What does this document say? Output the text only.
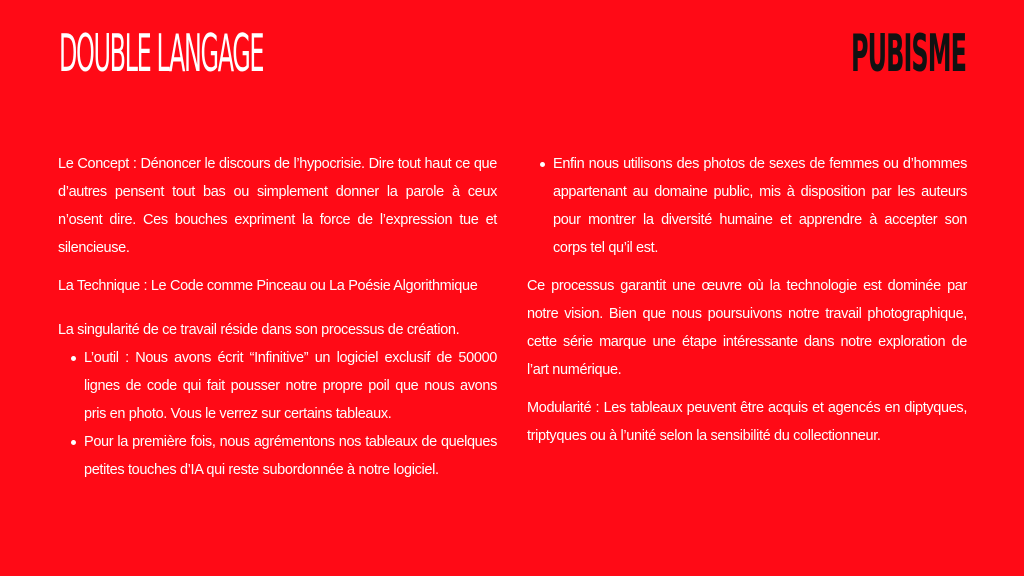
DOUBLE LANGAGE	PUBISME

Le Concept : Dénoncer le discours de l’hypocrisie. Dire tout haut ce que d’autres pensent tout bas ou simplement donner la parole à ceux n’osent dire. Ces bouches expriment la force de l’expression tue et silencieuse.

La Technique : Le Code comme Pinceau ou La Poésie Algorithmique

La singularité de ce travail réside dans son processus de création.

L’outil : Nous avons écrit “Infinitive” un logiciel exclusif de 50000 lignes de code qui fait pousser notre propre poil que nous avons pris en photo. Vous le verrez sur certains tableaux.
Pour la première fois, nous agrémentons nos tableaux de quelques petites touches d’IA qui reste subordonnée à notre logiciel.
Enfin nous utilisons des photos de sexes de femmes ou d’hommes appartenant au domaine public, mis à disposition par les auteurs pour montrer la diversité humaine et apprendre à accepter son corps tel qu’il est.

Ce processus garantit une œuvre où la technologie est dominée par notre vision. Bien que nous poursuivons notre travail photographique, cette série marque une étape intéressante dans notre exploration de l’art numérique.

Modularité : Les tableaux peuvent être acquis et agencés en diptyques, triptyques ou à l’unité selon la sensibilité du collectionneur.
